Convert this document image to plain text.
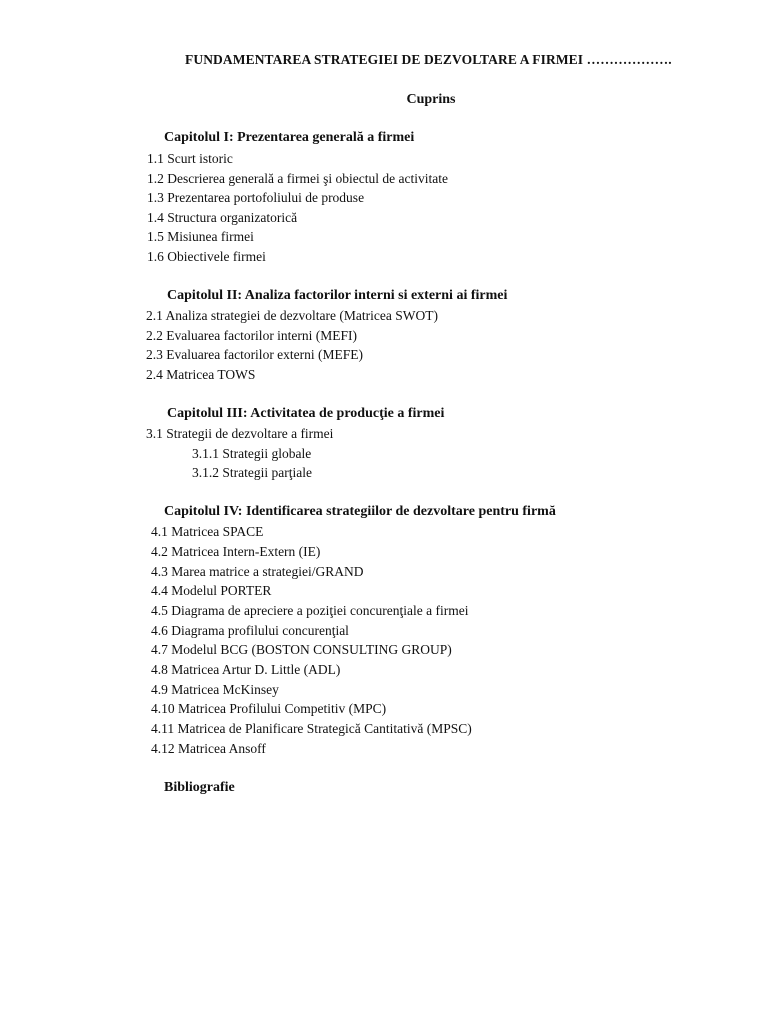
FUNDAMENTAREA STRATEGIEI DE DEZVOLTARE A FIRMEI ……………….
Cuprins
Capitolul I: Prezentarea generală a firmei
1.1 Scurt istoric
1.2 Descrierea generală a firmei şi obiectul de activitate
1.3 Prezentarea portofoliului de produse
1.4 Structura organizatorică
1.5 Misiunea firmei
1.6 Obiectivele firmei
Capitolul II: Analiza factorilor interni si externi ai firmei
2.1 Analiza strategiei de dezvoltare (Matricea SWOT)
2.2 Evaluarea factorilor interni (MEFI)
2.3 Evaluarea factorilor externi (MEFE)
2.4 Matricea TOWS
Capitolul III: Activitatea de producţie a firmei
3.1 Strategii de dezvoltare a firmei
3.1.1 Strategii globale
3.1.2 Strategii parţiale
Capitolul IV: Identificarea strategiilor de dezvoltare pentru firmă
4.1 Matricea SPACE
4.2 Matricea Intern-Extern (IE)
4.3 Marea matrice a strategiei/GRAND
4.4 Modelul PORTER
4.5 Diagrama de apreciere a poziţiei concurenţiale a firmei
4.6 Diagrama profilului concurenţial
4.7 Modelul BCG (BOSTON CONSULTING GROUP)
4.8 Matricea Artur D. Little (ADL)
4.9 Matricea McKinsey
4.10 Matricea Profilului Competitiv (MPC)
4.11 Matricea de Planificare Strategică Cantitativă (MPSC)
4.12 Matricea Ansoff
Bibliografie
